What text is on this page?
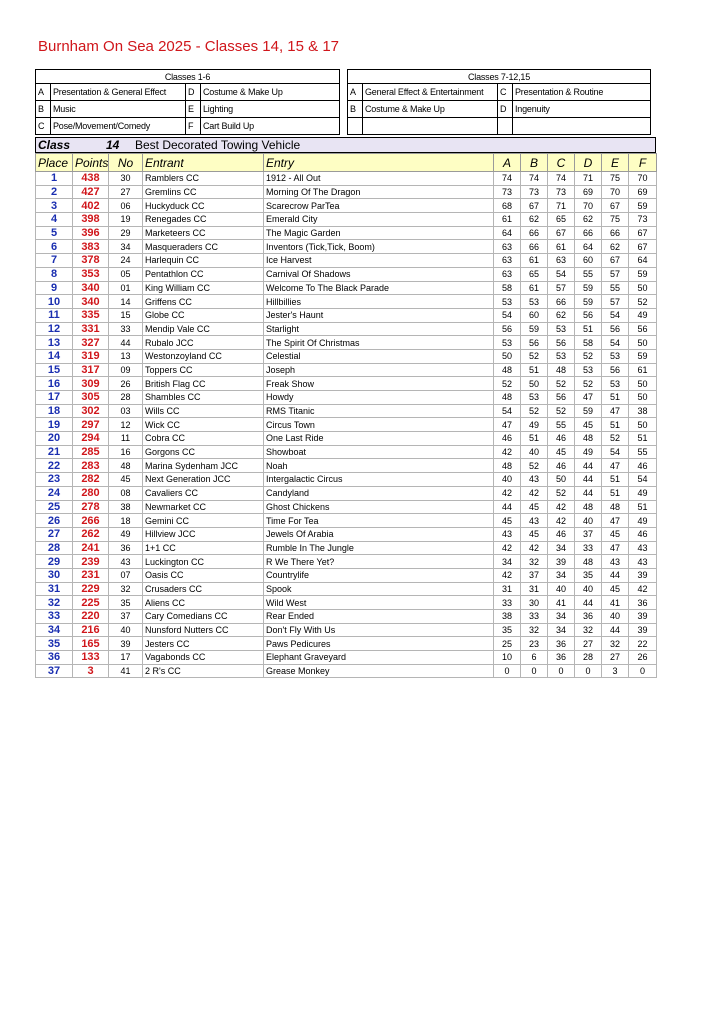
Burnham On Sea 2025 - Classes 14, 15 & 17
Classes 1-6			
A	Presentation & General Effect	D	Costume & Make Up
B	Music	E	Lighting
C	Pose/Movement/Comedy	F	Cart Build Up
Classes 7-12,15			
A	General Effect & Entertainment	C	Presentation & Routine
B	Costume & Make Up	D	Ingenuity

Class	14 Best Decorated Towing Vehicle
Place	Points	No	Entrant	Entry	A	B	C	D	E	F
1	438	30	Ramblers CC	1912 - All Out	74	74	74	71	75	70
2	427	27	Gremlins CC	Morning Of The Dragon	73	73	73	69	70	69
3	402	06	Huckyduck CC	Scarecrow ParTea	68	67	71	70	67	59
4	398	19	Renegades CC	Emerald City	61	62	65	62	75	73
5	396	29	Marketeers CC	The Magic Garden	64	66	67	66	66	67
6	383	34	Masqueraders CC	Inventors (Tick,Tick, Boom)	63	66	61	64	62	67
7	378	24	Harlequin CC	Ice Harvest	63	61	63	60	67	64
8	353	05	Pentathlon CC	Carnival Of Shadows	63	65	54	55	57	59
9	340	01	King William CC	Welcome To The Black Parade	58	61	57	59	55	50
10	340	14	Griffens CC	Hillbillies	53	53	66	59	57	52
11	335	15	Globe CC	Jester's Haunt	54	60	62	56	54	49
12	331	33	Mendip Vale CC	Starlight	56	59	53	51	56	56
13	327	44	Rubalo JCC	The Spirit Of Christmas	53	56	56	58	54	50
14	319	13	Westonzoyland CC	Celestial	50	52	53	52	53	59
15	317	09	Toppers CC	Joseph	48	51	48	53	56	61
16	309	26	British Flag CC	Freak Show	52	50	52	52	53	50
17	305	28	Shambles CC	Howdy	48	53	56	47	51	50
18	302	03	Wills CC	RMS Titanic	54	52	52	59	47	38
19	297	12	Wick CC	Circus Town	47	49	55	45	51	50
20	294	11	Cobra CC	One Last Ride	46	51	46	48	52	51
21	285	16	Gorgons CC	Showboat	42	40	45	49	54	55
22	283	48	Marina Sydenham JCC	Noah	48	52	46	44	47	46
23	282	45	Next Generation JCC	Intergalactic Circus	40	43	50	44	51	54
24	280	08	Cavaliers CC	Candyland	42	42	52	44	51	49
25	278	38	Newmarket CC	Ghost Chickens	44	45	42	48	48	51
26	266	18	Gemini CC	Time For Tea	45	43	42	40	47	49
27	262	49	Hillview JCC	Jewels Of Arabia	43	45	46	37	45	46
28	241	36	1+1 CC	Rumble In The Jungle	42	42	34	33	47	43
29	239	43	Luckington CC	R We There Yet?	34	32	39	48	43	43
30	231	07	Oasis CC	Countrylife	42	37	34	35	44	39
31	229	32	Crusaders CC	Spook	31	31	40	40	45	42
32	225	35	Aliens CC	Wild West	33	30	41	44	41	36
33	220	37	Cary Comedians CC	Rear Ended	38	33	34	36	40	39
34	216	40	Nunsford Nutters CC	Don't Fly With Us	35	32	34	32	44	39
35	165	39	Jesters CC	Paws Pedicures	25	23	36	27	32	22
36	133	17	Vagabonds CC	Elephant Graveyard	10	6	36	28	27	26
37	3	41	2 R's CC	Grease Monkey	0	0	0	0	3	0
